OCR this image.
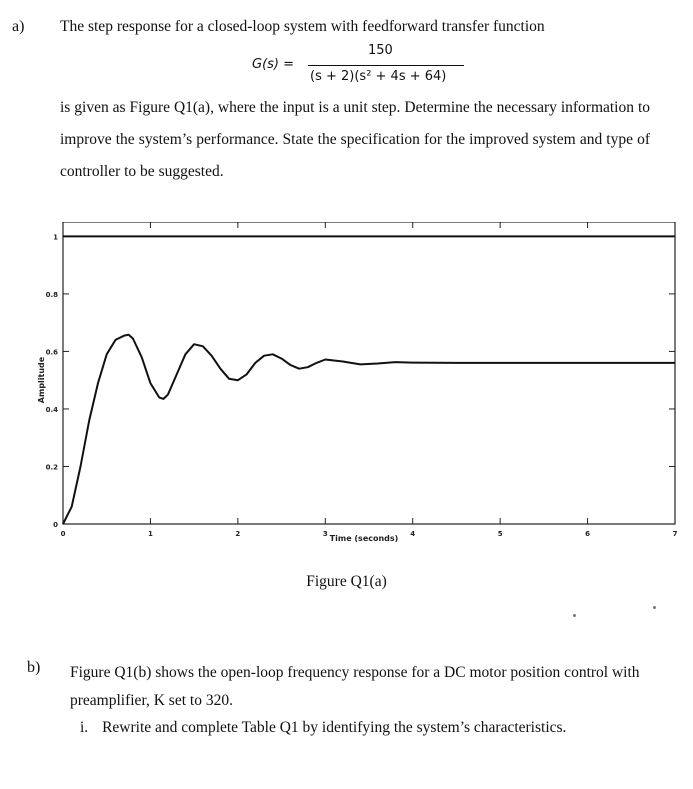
a) The step response for a closed-loop system with feedforward transfer function
G(s) =
150
(s + 2)(s² + 4s + 64)
is given as Figure Q1(a), where the input is a unit step. Determine the necessary information to improve the system’s performance. State the specification for the improved system and type of controller to be suggested.
0
0.2
0.4
0.6
0.8
1
0	1	2	3	4	5	6	7
Time (seconds)
Amplitude
Figure Q1(a)
b) Figure Q1(b) shows the open-loop frequency response for a DC motor position control with preamplifier, K set to 320.
i. Rewrite and complete Table Q1 by identifying the system’s characteristics.
